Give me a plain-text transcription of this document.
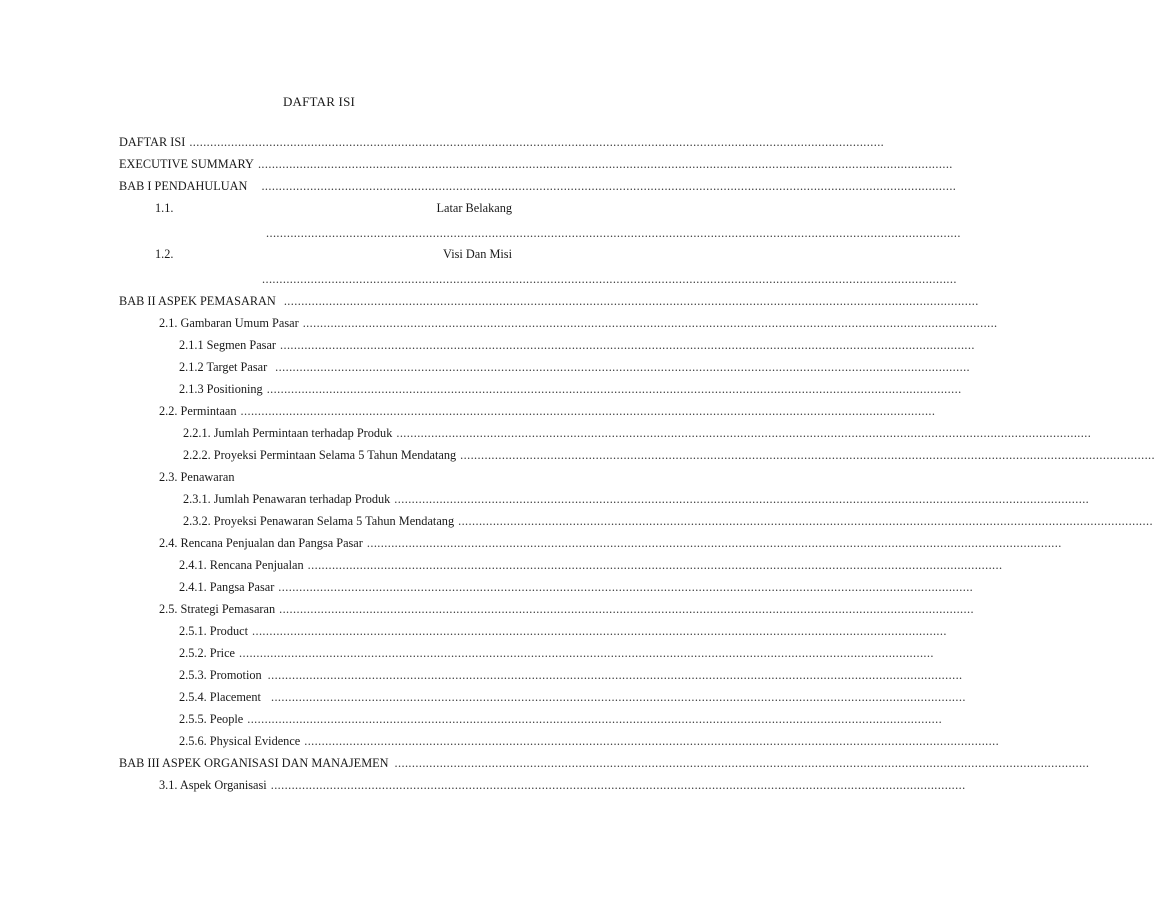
DAFTAR ISI
DAFTAR ISI ........................................................................................................................................................................................................
EXECUTIVE SUMMARY ........................................................................................................................................................................................................
BAB I PENDAHULUAN ........................................................................................................................................................................................................
1.1.	Latar Belakang
........................................................................................................................................................................................................
1.2.	Visi Dan Misi
........................................................................................................................................................................................................
BAB II ASPEK PEMASARAN ........................................................................................................................................................................................................
2.1. Gambaran Umum Pasar ........................................................................................................................................................................................................
2.1.1 Segmen Pasar ........................................................................................................................................................................................................
2.1.2 Target Pasar ........................................................................................................................................................................................................
2.1.3 Positioning ........................................................................................................................................................................................................
2.2. Permintaan ........................................................................................................................................................................................................
2.2.1. Jumlah Permintaan terhadap Produk ........................................................................................................................................................................................................
2.2.2. Proyeksi Permintaan Selama 5 Tahun Mendatang ........................................................................................................................................................................................................
2.3. Penawaran
2.3.1. Jumlah Penawaran terhadap Produk ........................................................................................................................................................................................................
2.3.2. Proyeksi Penawaran Selama 5 Tahun Mendatang ........................................................................................................................................................................................................
2.4. Rencana Penjualan dan Pangsa Pasar ........................................................................................................................................................................................................
2.4.1. Rencana Penjualan ........................................................................................................................................................................................................
2.4.1. Pangsa Pasar ........................................................................................................................................................................................................
2.5. Strategi Pemasaran ........................................................................................................................................................................................................
2.5.1. Product ........................................................................................................................................................................................................
2.5.2. Price ........................................................................................................................................................................................................
2.5.3. Promotion ........................................................................................................................................................................................................
2.5.4. Placement ........................................................................................................................................................................................................
2.5.5. People ........................................................................................................................................................................................................
2.5.6. Physical Evidence ........................................................................................................................................................................................................
BAB III ASPEK ORGANISASI DAN MANAJEMEN ........................................................................................................................................................................................................
3.1. Aspek Organisasi ........................................................................................................................................................................................................
